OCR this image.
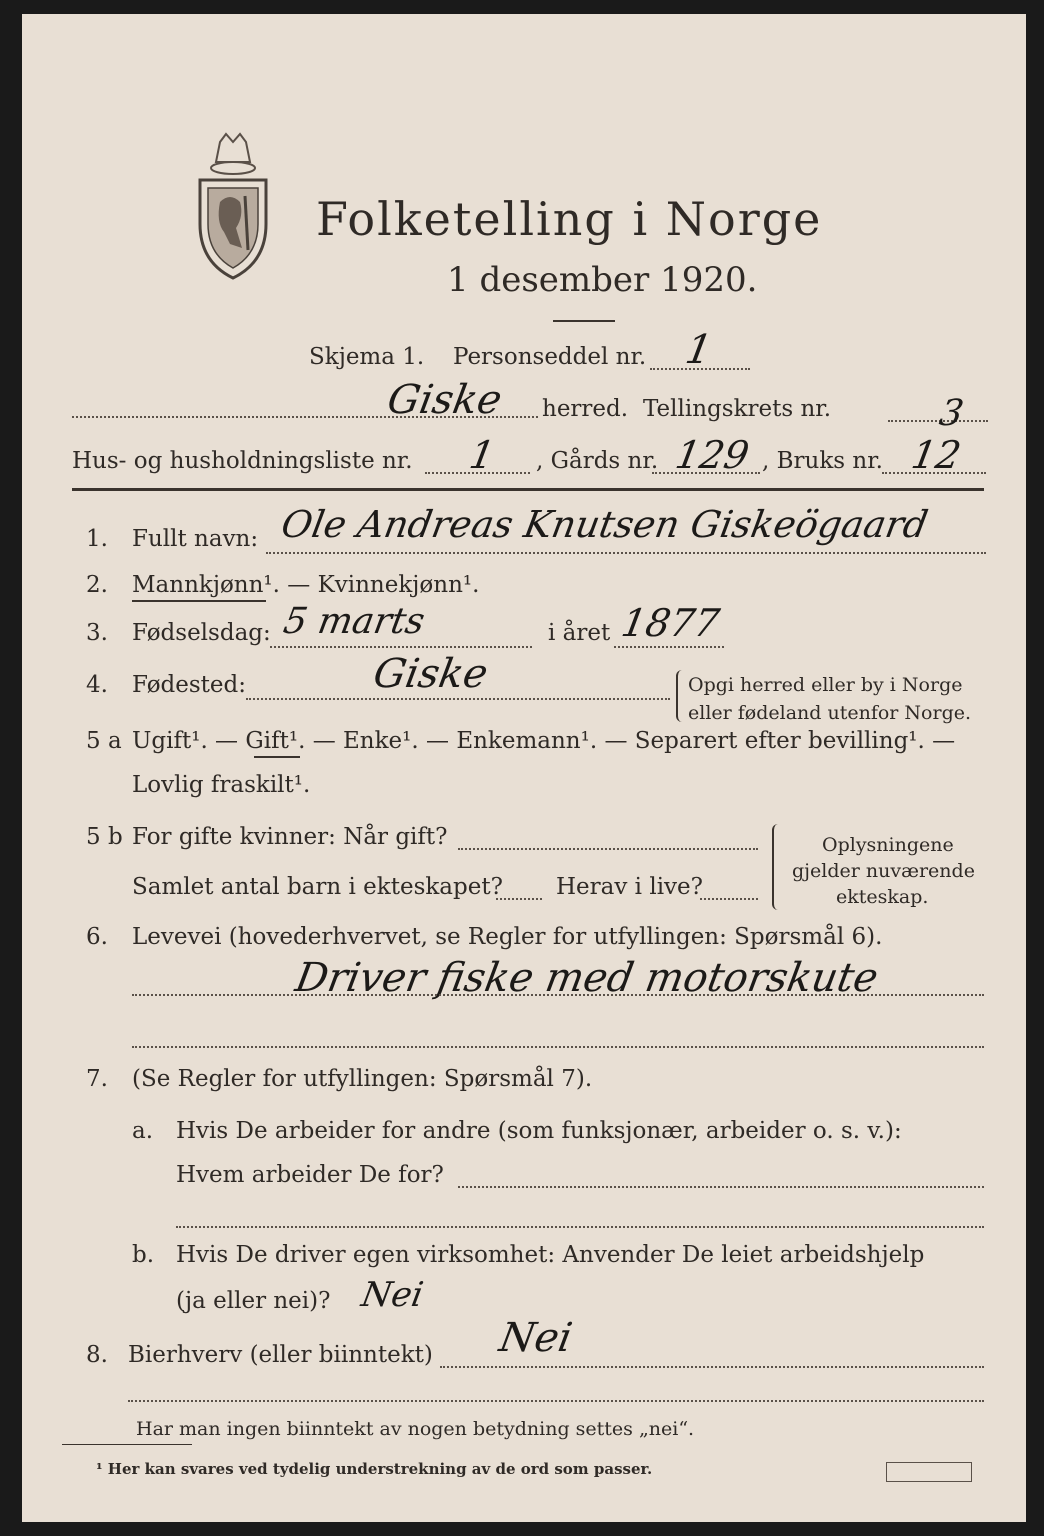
Folketelling i Norge
1 desember 1920.
Skjema 1. Personseddel nr. 1
Giske herred. Tellingskrets nr.	3
Hus- og husholdningsliste nr. 1 , Gårds nr. 129 , Bruks nr. 12
1. Fullt navn: Ole Andreas Knutsen Giskeögaard
2. Mannkjønn¹. — Kvinnekjønn¹.
3. Fødselsdag: 5 marts	i året 1877
4. Fødested:	Giske	Opgi herred eller by i Norge
eller fødeland utenfor Norge.
5 a Ugift¹. — Gift¹. — Enke¹. — Enkemann¹. — Separert efter bevilling¹. —
Lovlig fraskilt¹.
5 b For gifte kvinner: Når gift?
Samlet antal barn i ekteskapet? Herav i live?
Oplysningene
gjelder nuværende
ekteskap.
6. Levevei (hovederhvervet, se Regler for utfyllingen: Spørsmål 6).
Driver fiske med motorskute
7. (Se Regler for utfyllingen: Spørsmål 7).
a. Hvis De arbeider for andre (som funksjonær, arbeider o. s. v.):
Hvem arbeider De for?
b. Hvis De driver egen virksomhet: Anvender De leiet arbeidshjelp
(ja eller nei)? Nei
8. Bierhverv (eller biinntekt) Nei
Har man ingen biinntekt av nogen betydning settes „nei“.
¹ Her kan svares ved tydelig understrekning av de ord som passer.
